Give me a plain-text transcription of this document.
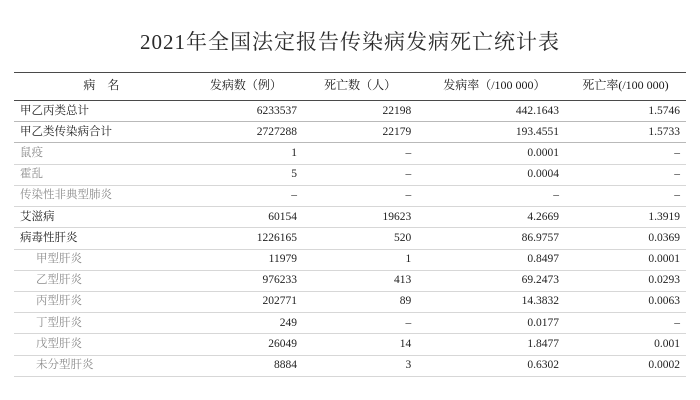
2021年全国法定报告传染病发病死亡统计表
病　名	发病数（例）	死亡数（人）	发病率（/100 000）	死亡率(/100 000)

甲乙丙类总计	6233537	22198	442.1643	1.5746
甲乙类传染病合计	2727288	22179	193.4551	1.5733
鼠疫	1	–	0.0001	–
霍乱	5	–	0.0004	–
传染性非典型肺炎	–	–	–	–
艾滋病	60154	19623	4.2669	1.3919
病毒性肝炎	1226165	520	86.9757	0.0369
甲型肝炎	11979	1	0.8497	0.0001
乙型肝炎	976233	413	69.2473	0.0293
丙型肝炎	202771	89	14.3832	0.0063
丁型肝炎	249	–	0.0177	–
戊型肝炎	26049	14	1.8477	0.001
未分型肝炎	8884	3	0.6302	0.0002
